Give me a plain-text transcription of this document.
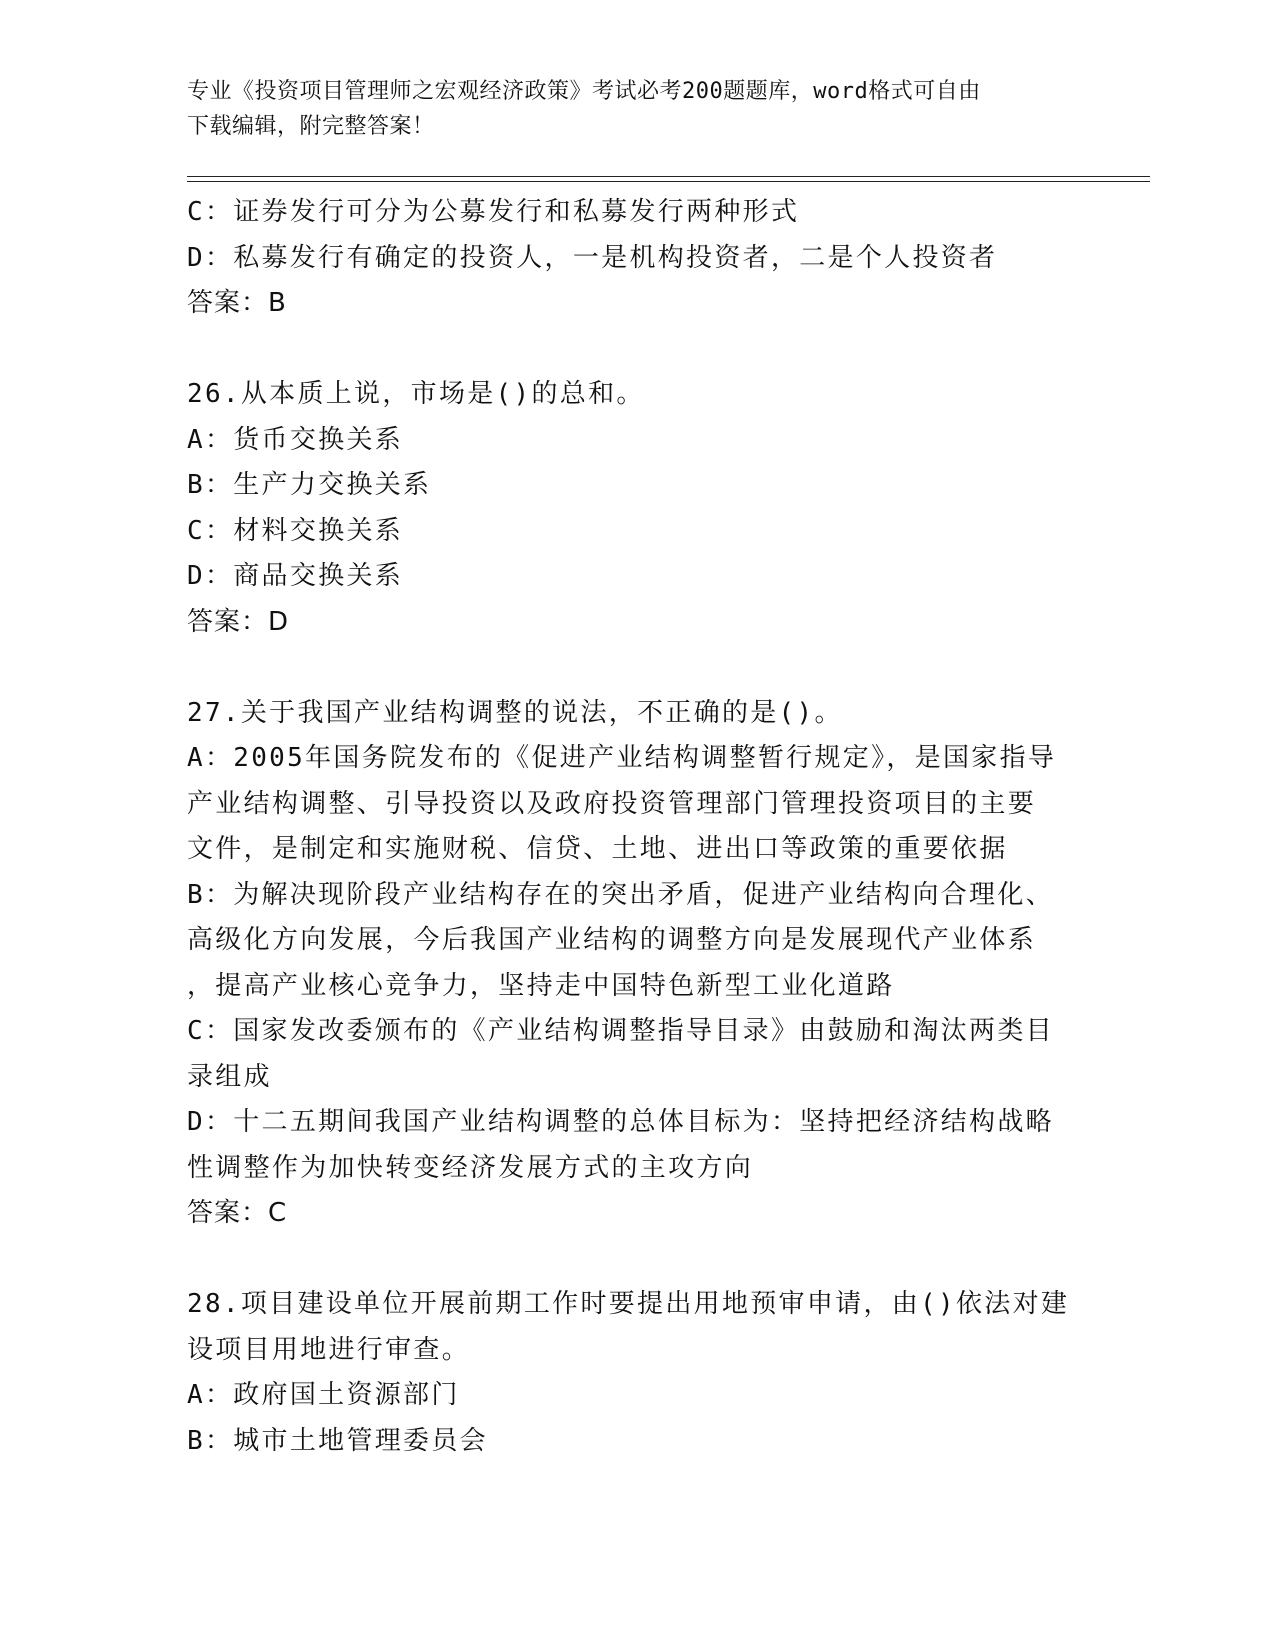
专业《投资项目管理师之宏观经济政策》考试必考200题题库，word格式可自由
下载编辑，附完整答案！
C：证券发行可分为公募发行和私募发行两种形式
D：私募发行有确定的投资人，一是机构投资者，二是个人投资者
答案：B
26.从本质上说，市场是()的总和。
A：货币交换关系
B：生产力交换关系
C：材料交换关系
D：商品交换关系
答案：D
27.关于我国产业结构调整的说法，不正确的是()。
A：2005年国务院发布的《促进产业结构调整暂行规定》，是国家指导
产业结构调整、引导投资以及政府投资管理部门管理投资项目的主要
文件，是制定和实施财税、信贷、土地、进出口等政策的重要依据
B：为解决现阶段产业结构存在的突出矛盾，促进产业结构向合理化、
高级化方向发展，今后我国产业结构的调整方向是发展现代产业体系
，提高产业核心竞争力，坚持走中国特色新型工业化道路
C：国家发改委颁布的《产业结构调整指导目录》由鼓励和淘汰两类目
录组成
D：十二五期间我国产业结构调整的总体目标为：坚持把经济结构战略
性调整作为加快转变经济发展方式的主攻方向
答案：C
28.项目建设单位开展前期工作时要提出用地预审申请，由()依法对建
设项目用地进行审查。
A：政府国土资源部门
B：城市土地管理委员会
